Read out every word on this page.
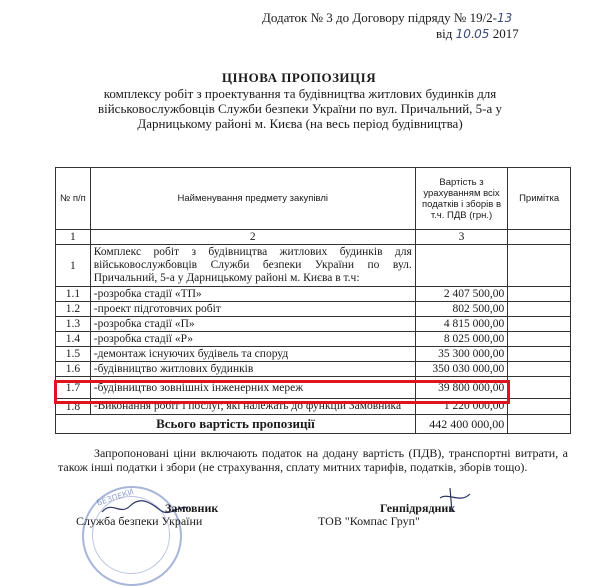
Додаток № 3 до Договору підряду № 19/2-13
від 10.05 2017
ЦІНОВА ПРОПОЗИЦІЯ
комплексу робіт з проектування та будівництва житлових будинків для військовослужбовців Служби безпеки України по вул. Причальний, 5-а у Дарницькому районі м. Києва (на весь період будівництва)
№ п/п	Найменування предмету закупівлі	Вартість з урахуванням всіх податків і зборів в т.ч. ПДВ (грн.)	Примітка
1	2	3	
1	Комплекс робіт з будівництва житлових будинків для військовослужбовців Служби безпеки України по вул. Причальний, 5-а у Дарницькому районі м. Києва в т.ч:		
1.1	-розробка стадії «ТП»	2 407 500,00	
1.2	-проект підготовчих робіт	802 500,00	
1.3	-розробка стадії «П»	4 815 000,00	
1.4	-розробка стадії «Р»	8 025 000,00	
1.5	-демонтаж існуючих будівель та споруд	35 300 000,00	
1.6	-будівництво житлових будинків	350 030 000,00	
1.7	-будівництво зовнішніх інженерних мереж	39 800 000,00	
1.8	-Виконання робіт і послуг, які належать до функцій Замовника	1 220 000,00	
Всього вартість пропозиції		442 400 000,00	
Запропоновані ціни включають податок на додану вартість (ПДВ), транспортні витрати, а також інші податки і збори (не страхування, сплату митних тарифів, податків, зборів тощо).
БЕЗПЕКИ
Замовник
Служба безпеки України
Генпідрядник
ТОВ "Компас Груп"
